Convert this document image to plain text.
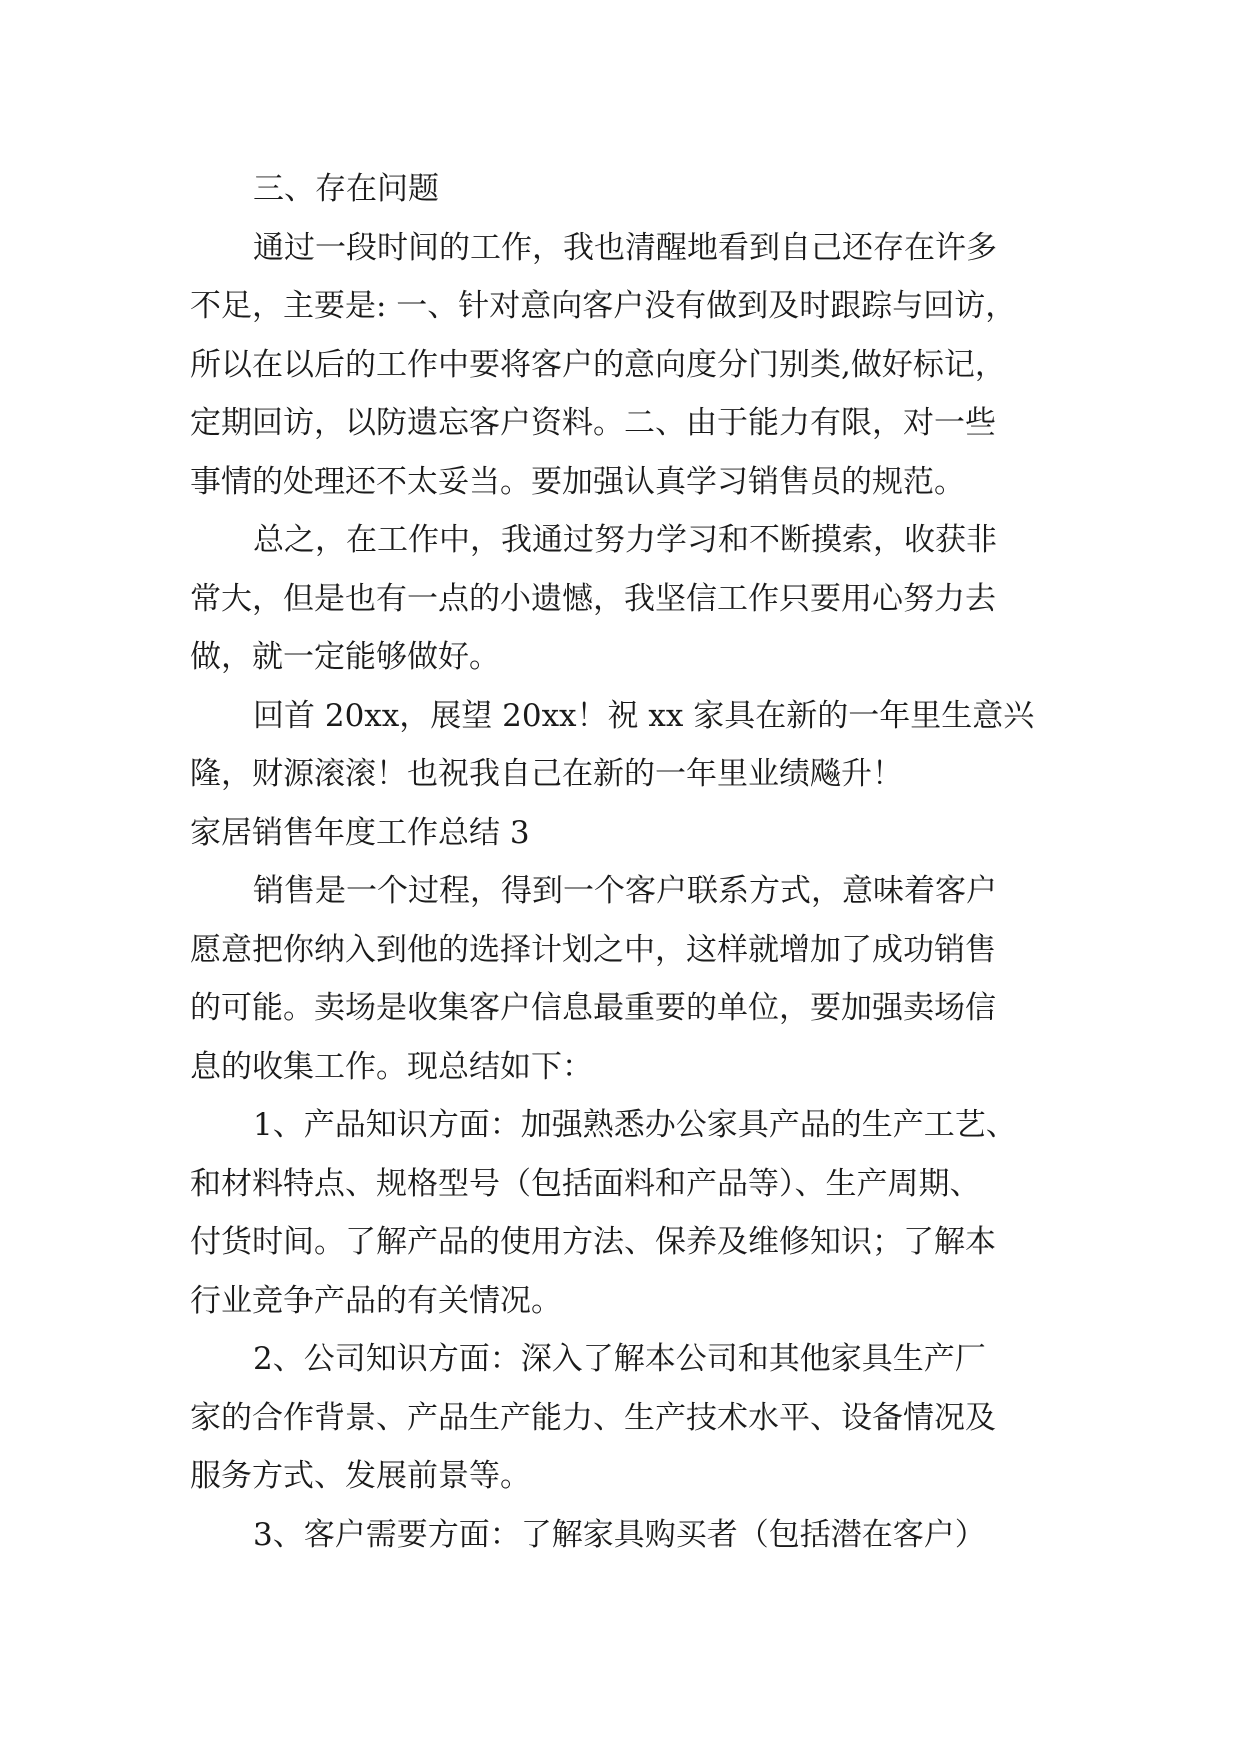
三、存在问题
通过一段时间的工作，我也清醒地看到自己还存在许多
不足，主要是: 一、针对意向客户没有做到及时跟踪与回访，
所以在以后的工作中要将客户的意向度分门别类,做好标记，
定期回访，以防遗忘客户资料。二、由于能力有限，对一些
事情的处理还不太妥当。要加强认真学习销售员的规范。
总之，在工作中，我通过努力学习和不断摸索，收获非
常大，但是也有一点的小遗憾，我坚信工作只要用心努力去
做，就一定能够做好。
回首 20xx，展望 20xx！祝 xx 家具在新的一年里生意兴
隆，财源滚滚！也祝我自己在新的一年里业绩飚升！
家居销售年度工作总结 3
销售是一个过程，得到一个客户联系方式，意味着客户
愿意把你纳入到他的选择计划之中，这样就增加了成功销售
的可能。卖场是收集客户信息最重要的单位，要加强卖场信
息的收集工作。现总结如下：
1、产品知识方面：加强熟悉办公家具产品的生产工艺、
和材料特点、规格型号（包括面料和产品等）、生产周期、
付货时间。了解产品的使用方法、保养及维修知识；了解本
行业竞争产品的有关情况。
2、公司知识方面：深入了解本公司和其他家具生产厂
家的合作背景、产品生产能力、生产技术水平、设备情况及
服务方式、发展前景等。
3、客户需要方面：了解家具购买者（包括潜在客户）
